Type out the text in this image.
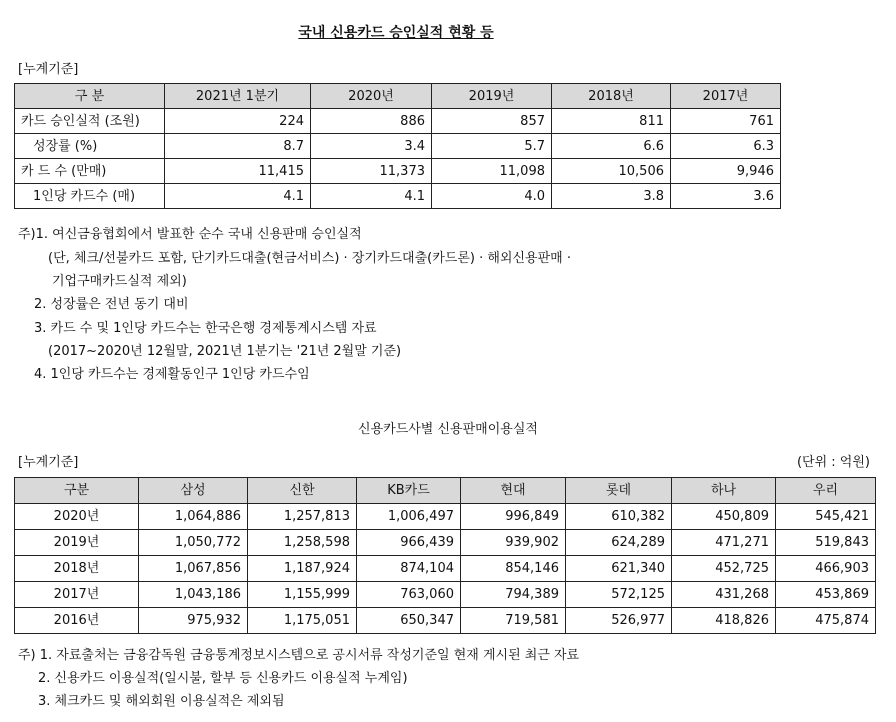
국내 신용카드 승인실적 현황 등
[누계기준]
구 분	2021년 1분기	2020년	2019년	2018년	2017년
카드 승인실적 (조원)	224	886	857	811	761
성장률 (%)	8.7	3.4	5.7	6.6	6.3
카 드 수 (만매)	11,415	11,373	11,098	10,506	9,946
1인당 카드수 (매)	4.1	4.1	4.0	3.8	3.6
주)1. 여신금융협회에서 발표한 순수 국내 신용판매 승인실적
(단, 체크/선불카드 포함, 단기카드대출(현금서비스) · 장기카드대출(카드론) · 해외신용판매 ·
기업구매카드실적 제외)
2. 성장률은 전년 동기 대비
3. 카드 수 및 1인당 카드수는 한국은행 경제통계시스템 자료
(2017~2020년 12월말, 2021년 1분기는 '21년 2월말 기준)
4. 1인당 카드수는 경제활동인구 1인당 카드수임
신용카드사별 신용판매이용실적
[누계기준]	(단위 : 억원)
구분	삼성	신한	KB카드	현대	롯데	하나	우리
2020년	1,064,886	1,257,813	1,006,497	996,849	610,382	450,809	545,421
2019년	1,050,772	1,258,598	966,439	939,902	624,289	471,271	519,843
2018년	1,067,856	1,187,924	874,104	854,146	621,340	452,725	466,903
2017년	1,043,186	1,155,999	763,060	794,389	572,125	431,268	453,869
2016년	975,932	1,175,051	650,347	719,581	526,977	418,826	475,874
주) 1. 자료출처는 금융감독원 금융통계정보시스템으로 공시서류 작성기준일 현재 게시된 최근 자료
2. 신용카드 이용실적(일시불, 할부 등 신용카드 이용실적 누계임)
3. 체크카드 및 해외회원 이용실적은 제외됨
